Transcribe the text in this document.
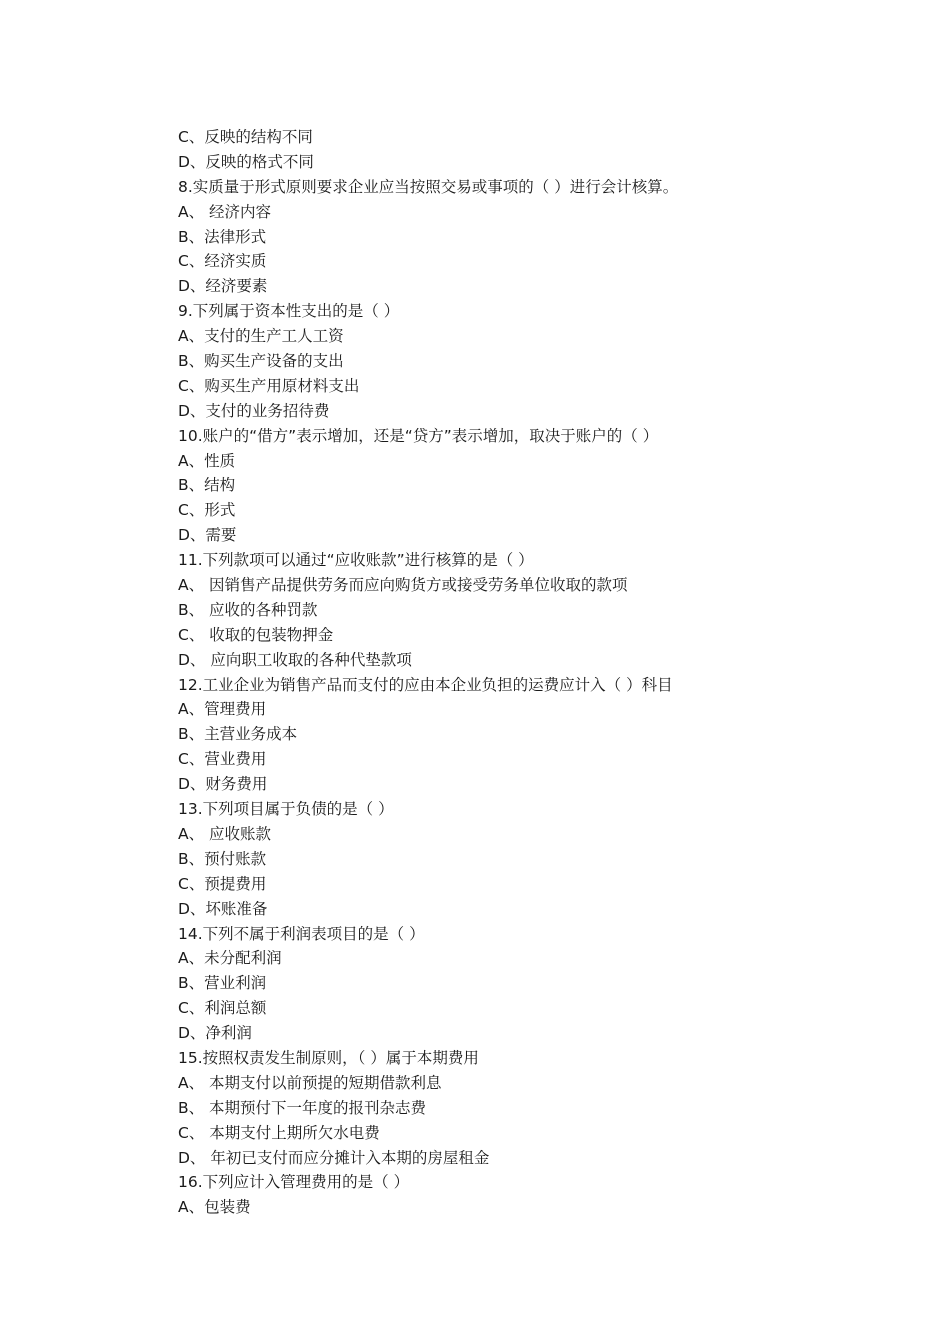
C、反映的结构不同
D、反映的格式不同
8.实质量于形式原则要求企业应当按照交易或事项的（ ）进行会计核算。
A、 经济内容
B、法律形式
C、经济实质
D、经济要素
9.下列属于资本性支出的是（ ）
A、支付的生产工人工资
B、购买生产设备的支出
C、购买生产用原材料支出
D、支付的业务招待费
10.账户的“借方”表示增加，还是“贷方”表示增加，取决于账户的（ ）
A、性质
B、结构
C、形式
D、需要
11.下列款项可以通过“应收账款”进行核算的是（ ）
A、 因销售产品提供劳务而应向购货方或接受劳务单位收取的款项
B、 应收的各种罚款
C、 收取的包装物押金
D、 应向职工收取的各种代垫款项
12.工业企业为销售产品而支付的应由本企业负担的运费应计入（ ）科目
A、管理费用
B、主营业务成本
C、营业费用
D、财务费用
13.下列项目属于负债的是（ ）
A、 应收账款
B、预付账款
C、预提费用
D、坏账准备
14.下列不属于利润表项目的是（ ）
A、未分配利润
B、营业利润
C、利润总额
D、净利润
15.按照权责发生制原则，（ ）属于本期费用
A、 本期支付以前预提的短期借款利息
B、 本期预付下一年度的报刊杂志费
C、 本期支付上期所欠水电费
D、 年初已支付而应分摊计入本期的房屋租金
16.下列应计入管理费用的是（ ）
A、包装费
